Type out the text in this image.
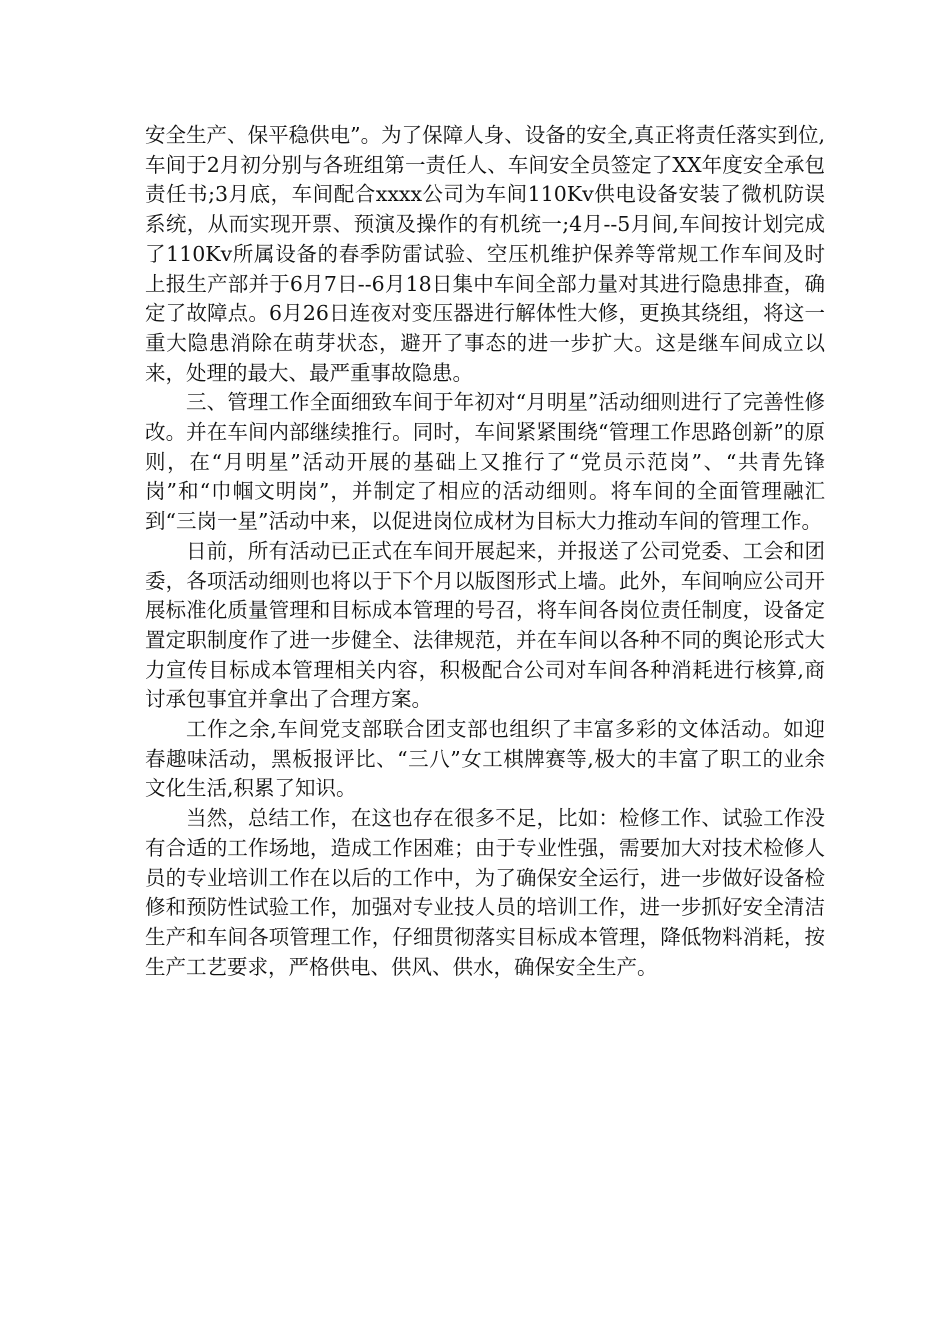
安全生产、保平稳供电”。为了保障人身、设备的安全,真正将责任落实到位,车间于2月初分别与各班组第一责任人、车间安全员签定了XX年度安全承包责任书;3月底，车间配合xxxx公司为车间110Kv供电设备安装了微机防误系统，从而实现开票、预演及操作的有机统一;4月--5月间,车间按计划完成了110Kv所属设备的春季防雷试验、空压机维护保养等常规工作车间及时上报生产部并于6月7日--6月18日集中车间全部力量对其进行隐患排查，确定了故障点。6月26日连夜对变压器进行解体性大修，更换其绕组，将这一重大隐患消除在萌芽状态，避开了事态的进一步扩大。这是继车间成立以来，处理的最大、最严重事故隐患。

三、管理工作全面细致车间于年初对“月明星”活动细则进行了完善性修改。并在车间内部继续推行。同时，车间紧紧围绕“管理工作思路创新”的原则，在“月明星”活动开展的基础上又推行了“党员示范岗”、“共青先锋岗”和“巾帼文明岗”，并制定了相应的活动细则。将车间的全面管理融汇到“三岗一星”活动中来，以促进岗位成材为目标大力推动车间的管理工作。

日前，所有活动已正式在车间开展起来，并报送了公司党委、工会和团委，各项活动细则也将以于下个月以版图形式上墙。此外，车间响应公司开展标准化质量管理和目标成本管理的号召，将车间各岗位责任制度，设备定置定职制度作了进一步健全、法律规范，并在车间以各种不同的舆论形式大力宣传目标成本管理相关内容，积极配合公司对车间各种消耗进行核算,商讨承包事宜并拿出了合理方案。

工作之余,车间党支部联合团支部也组织了丰富多彩的文体活动。如迎春趣味活动，黑板报评比、“三八”女工棋牌赛等,极大的丰富了职工的业余文化生活,积累了知识。

当然，总结工作，在这也存在很多不足，比如：检修工作、试验工作没有合适的工作场地，造成工作困难；由于专业性强，需要加大对技术检修人员的专业培训工作在以后的工作中，为了确保安全运行，进一步做好设备检修和预防性试验工作，加强对专业技人员的培训工作，进一步抓好安全清洁生产和车间各项管理工作，仔细贯彻落实目标成本管理，降低物料消耗，按生产工艺要求，严格供电、供风、供水，确保安全生产。
